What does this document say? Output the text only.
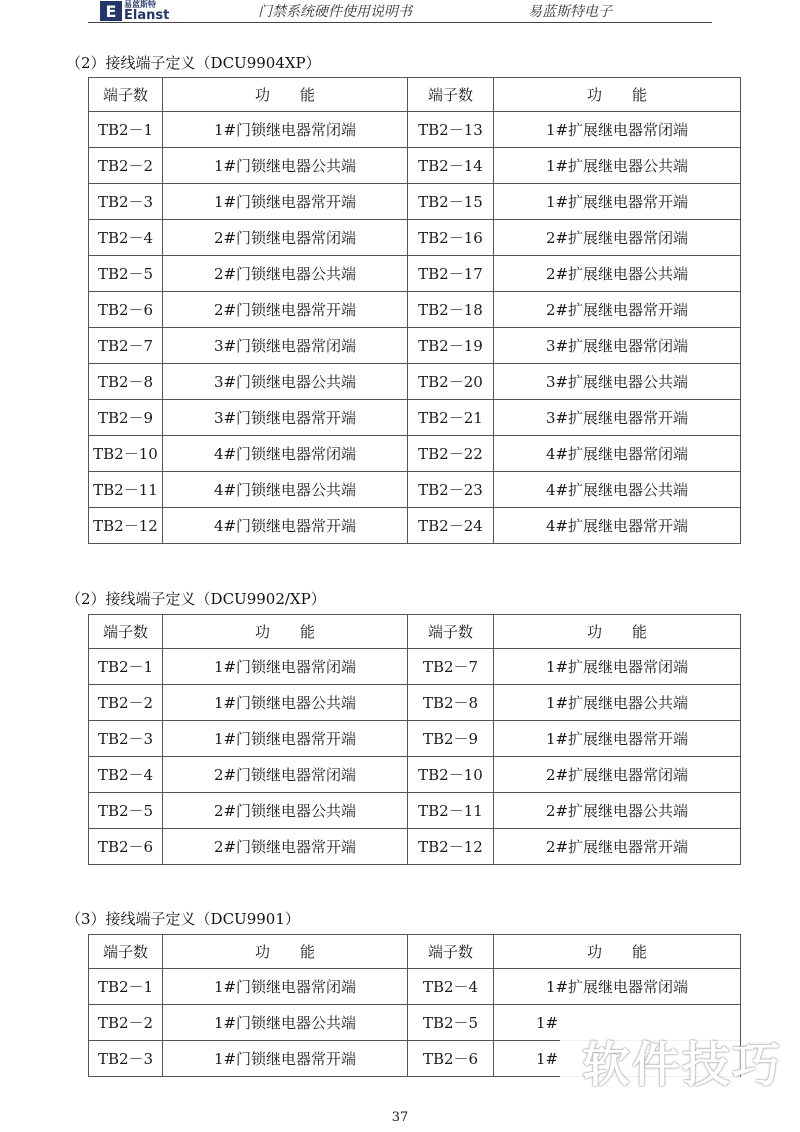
E 易蓝斯特
Elanst	门禁系统硬件使用说明书	易蓝斯特电子
（2）接线端子定义（DCU9904XP）
端子数	功　　能	端子数	功　　能
TB2－1	1#门锁继电器常闭端	TB2－13	1#扩展继电器常闭端
TB2－2	1#门锁继电器公共端	TB2－14	1#扩展继电器公共端
TB2－3	1#门锁继电器常开端	TB2－15	1#扩展继电器常开端
TB2－4	2#门锁继电器常闭端	TB2－16	2#扩展继电器常闭端
TB2－5	2#门锁继电器公共端	TB2－17	2#扩展继电器公共端
TB2－6	2#门锁继电器常开端	TB2－18	2#扩展继电器常开端
TB2－7	3#门锁继电器常闭端	TB2－19	3#扩展继电器常闭端
TB2－8	3#门锁继电器公共端	TB2－20	3#扩展继电器公共端
TB2－9	3#门锁继电器常开端	TB2－21	3#扩展继电器常开端
TB2－10	4#门锁继电器常闭端	TB2－22	4#扩展继电器常闭端
TB2－11	4#门锁继电器公共端	TB2－23	4#扩展继电器公共端
TB2－12	4#门锁继电器常开端	TB2－24	4#扩展继电器常开端
（2）接线端子定义（DCU9902/XP）
端子数	功　　能	端子数	功　　能
TB2－1	1#门锁继电器常闭端	TB2－7	1#扩展继电器常闭端
TB2－2	1#门锁继电器公共端	TB2－8	1#扩展继电器公共端
TB2－3	1#门锁继电器常开端	TB2－9	1#扩展继电器常开端
TB2－4	2#门锁继电器常闭端	TB2－10	2#扩展继电器常闭端
TB2－5	2#门锁继电器公共端	TB2－11	2#扩展继电器公共端
TB2－6	2#门锁继电器常开端	TB2－12	2#扩展继电器常开端
（3）接线端子定义（DCU9901）
端子数	功　　能	端子数	功　　能
TB2－1	1#门锁继电器常闭端	TB2－4	1#扩展继电器常闭端
TB2－2	1#门锁继电器公共端	TB2－5	1#
TB2－3	1#门锁继电器常开端	TB2－6	1# 软件技巧
37
